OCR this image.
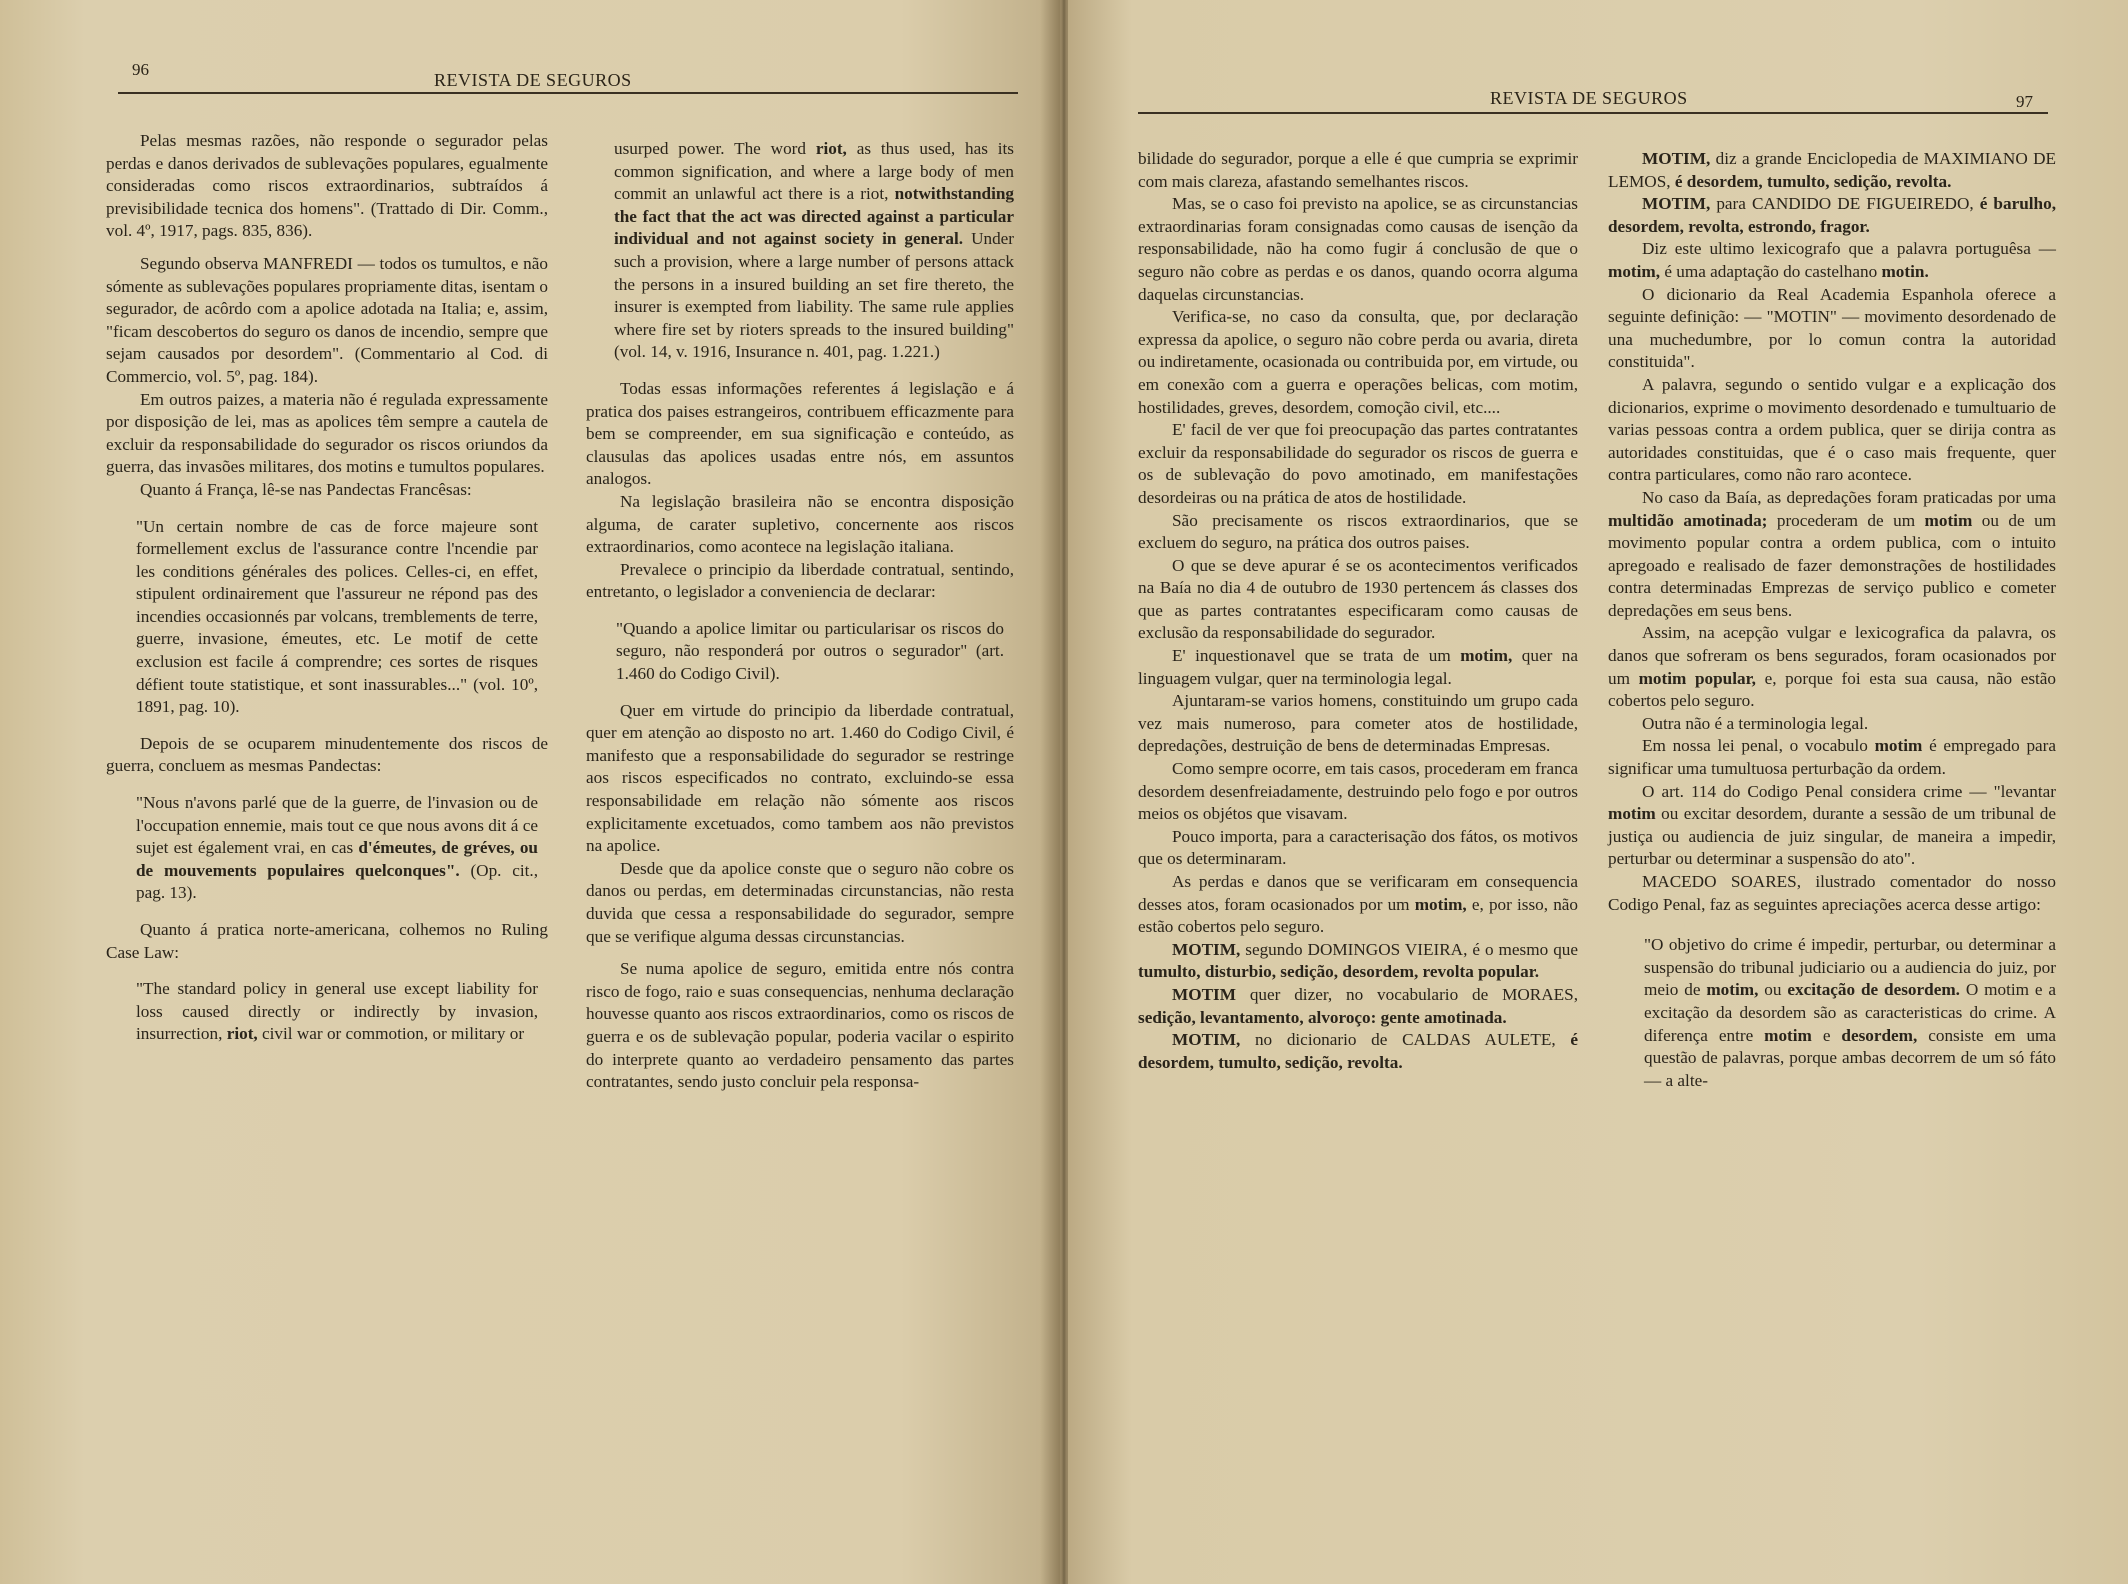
96
REVISTA DE SEGUROS

Pelas mesmas razões, não responde o segurador pelas perdas e danos derivados de sublevações populares, egualmente consideradas como riscos extraordinarios, subtraídos á previsibilidade tecnica dos homens". (Trattado di Dir. Comm., vol. 4º, 1917, pags. 835, 836).

Segundo observa MANFREDI — todos os tumultos, e não sómente as sublevações populares propriamente ditas, isentam o segurador, de acôrdo com a apolice adotada na Italia; e, assim, "ficam descobertos do seguro os danos de incendio, sempre que sejam causados por desordem". (Commentario al Cod. di Commercio, vol. 5º, pag. 184).

Em outros paizes, a materia não é regulada expressamente por disposição de lei, mas as apolices têm sempre a cautela de excluir da responsabilidade do segurador os riscos oriundos da guerra, das invasões militares, dos motins e tumultos populares.

Quanto á França, lê-se nas Pandectas Francêsas:

"Un certain nombre de cas de force majeure sont formellement exclus de l'assurance contre l'ncendie par les conditions générales des polices. Celles-ci, en effet, stipulent ordinairement que l'assureur ne répond pas des incendies occasionnés par volcans, tremblements de terre, guerre, invasione, émeutes, etc. Le motif de cette exclusion est facile á comprendre; ces sortes de risques défient toute statistique, et sont inassurables..." (vol. 10º, 1891, pag. 10).

Depois de se ocuparem minudentemente dos riscos de guerra, concluem as mesmas Pandectas:

"Nous n'avons parlé que de la guerre, de l'invasion ou de l'occupation ennemie, mais tout ce que nous avons dit á ce sujet est également vrai, en cas d'émeutes, de gréves, ou de mouvements populaires quelconques". (Op. cit., pag. 13).

Quanto á pratica norte-americana, colhemos no Ruling Case Law:

"The standard policy in general use except liability for loss caused directly or indirectly by invasion, insurrection, riot, civil war or commotion, or military or

usurped power. The word riot, as thus used, has its common signification, and where a large body of men commit an unlawful act there is a riot, notwithstanding the fact that the act was directed against a particular individual and not against society in general. Under such a provision, where a large number of persons attack the persons in a insured building an set fire thereto, the insurer is exempted from liability. The same rule applies where fire set by rioters spreads to the insured building" (vol. 14, v. 1916, Insurance n. 401, pag. 1.221.)

Todas essas informações referentes á legislação e á pratica dos paises estrangeiros, contribuem efficazmente para bem se compreender, em sua significação e conteúdo, as clausulas das apolices usadas entre nós, em assuntos analogos.

Na legislação brasileira não se encontra disposição alguma, de carater supletivo, concernente aos riscos extraordinarios, como acontece na legislação italiana.

Prevalece o principio da liberdade contratual, sentindo, entretanto, o legislador a conveniencia de declarar:

"Quando a apolice limitar ou particularisar os riscos do seguro, não responderá por outros o segurador" (art. 1.460 do Codigo Civil).

Quer em virtude do principio da liberdade contratual, quer em atenção ao disposto no art. 1.460 do Codigo Civil, é manifesto que a responsabilidade do segurador se restringe aos riscos especificados no contrato, excluindo-se essa responsabilidade em relação não sómente aos riscos explicitamente excetuados, como tambem aos não previstos na apolice.

Desde que da apolice conste que o seguro não cobre os danos ou perdas, em determinadas circunstancias, não resta duvida que cessa a responsabilidade do segurador, sempre que se verifique alguma dessas circunstancias.

Se numa apolice de seguro, emitida entre nós contra risco de fogo, raio e suas consequencias, nenhuma declaração houvesse quanto aos riscos extraordinarios, como os riscos de guerra e os de sublevação popular, poderia vacilar o espirito do interprete quanto ao verdadeiro pensamento das partes contratantes, sendo justo concluir pela responsa-

REVISTA DE SEGUROS	97

bilidade do segurador, porque a elle é que cumpria se exprimir com mais clareza, afastando semelhantes riscos.

Mas, se o caso foi previsto na apolice, se as circunstancias extraordinarias foram consignadas como causas de isenção da responsabilidade, não ha como fugir á conclusão de que o seguro não cobre as perdas e os danos, quando ocorra alguma daquelas circunstancias.

Verifica-se, no caso da consulta, que, por declaração expressa da apolice, o seguro não cobre perda ou avaria, direta ou indiretamente, ocasionada ou contribuida por, em virtude, ou em conexão com a guerra e operações belicas, com motim, hostilidades, greves, desordem, comoção civil, etc....

E' facil de ver que foi preocupação das partes contratantes excluir da responsabilidade do segurador os riscos de guerra e os de sublevação do povo amotinado, em manifestações desordeiras ou na prática de atos de hostilidade.

São precisamente os riscos extraordinarios, que se excluem do seguro, na prática dos outros paises.

O que se deve apurar é se os acontecimentos verificados na Baía no dia 4 de outubro de 1930 pertencem ás classes dos que as partes contratantes especificaram como causas de exclusão da responsabilidade do segurador.

E' inquestionavel que se trata de um motim, quer na linguagem vulgar, quer na terminologia legal.

Ajuntaram-se varios homens, constituindo um grupo cada vez mais numeroso, para cometer atos de hostilidade, depredações, destruição de bens de determinadas Empresas.

Como sempre ocorre, em tais casos, procederam em franca desordem desenfreiadamente, destruindo pelo fogo e por outros meios os objétos que visavam.

Pouco importa, para a caracterisação dos fátos, os motivos que os determinaram.

As perdas e danos que se verificaram em consequencia desses atos, foram ocasionados por um motim, e, por isso, não estão cobertos pelo seguro.

MOTIM, segundo DOMINGOS VIEIRA, é o mesmo que tumulto, disturbio, sedição, desordem, revolta popular.

MOTIM quer dizer, no vocabulario de MORAES, sedição, levantamento, alvoroço: gente amotinada.

MOTIM, no dicionario de CALDAS AULETE, é desordem, tumulto, sedição, revolta.

MOTIM, diz a grande Enciclopedia de MAXIMIANO DE LEMOS, é desordem, tumulto, sedição, revolta.

MOTIM, para CANDIDO DE FIGUEIREDO, é barulho, desordem, revolta, estrondo, fragor.

Diz este ultimo lexicografo que a palavra portuguêsa — motim, é uma adaptação do castelhano motin.

O dicionario da Real Academia Espanhola oferece a seguinte definição: — "MOTIN" — movimento desordenado de una muchedumbre, por lo comun contra la autoridad constituida".

A palavra, segundo o sentido vulgar e a explicação dos dicionarios, exprime o movimento desordenado e tumultuario de varias pessoas contra a ordem publica, quer se dirija contra as autoridades constituidas, que é o caso mais frequente, quer contra particulares, como não raro acontece.

No caso da Baía, as depredações foram praticadas por uma multidão amotinada; procederam de um motim ou de um movimento popular contra a ordem publica, com o intuito apregoado e realisado de fazer demonstrações de hostilidades contra determinadas Emprezas de serviço publico e cometer depredações em seus bens.

Assim, na acepção vulgar e lexicografica da palavra, os danos que sofreram os bens segurados, foram ocasionados por um motim popular, e, porque foi esta sua causa, não estão cobertos pelo seguro.

Outra não é a terminologia legal.

Em nossa lei penal, o vocabulo motim é empregado para significar uma tumultuosa perturbação da ordem.

O art. 114 do Codigo Penal considera crime — "levantar motim ou excitar desordem, durante a sessão de um tribunal de justiça ou audiencia de juiz singular, de maneira a impedir, perturbar ou determinar a suspensão do ato".

MACEDO SOARES, ilustrado comentador do nosso Codigo Penal, faz as seguintes apreciações acerca desse artigo:

"O objetivo do crime é impedir, perturbar, ou determinar a suspensão do tribunal judiciario ou a audiencia do juiz, por meio de motim, ou excitação de desordem. O motim e a excitação da desordem são as caracteristicas do crime. A diferença entre motim e desordem, consiste em uma questão de palavras, porque ambas decorrem de um só fáto — a alte-
